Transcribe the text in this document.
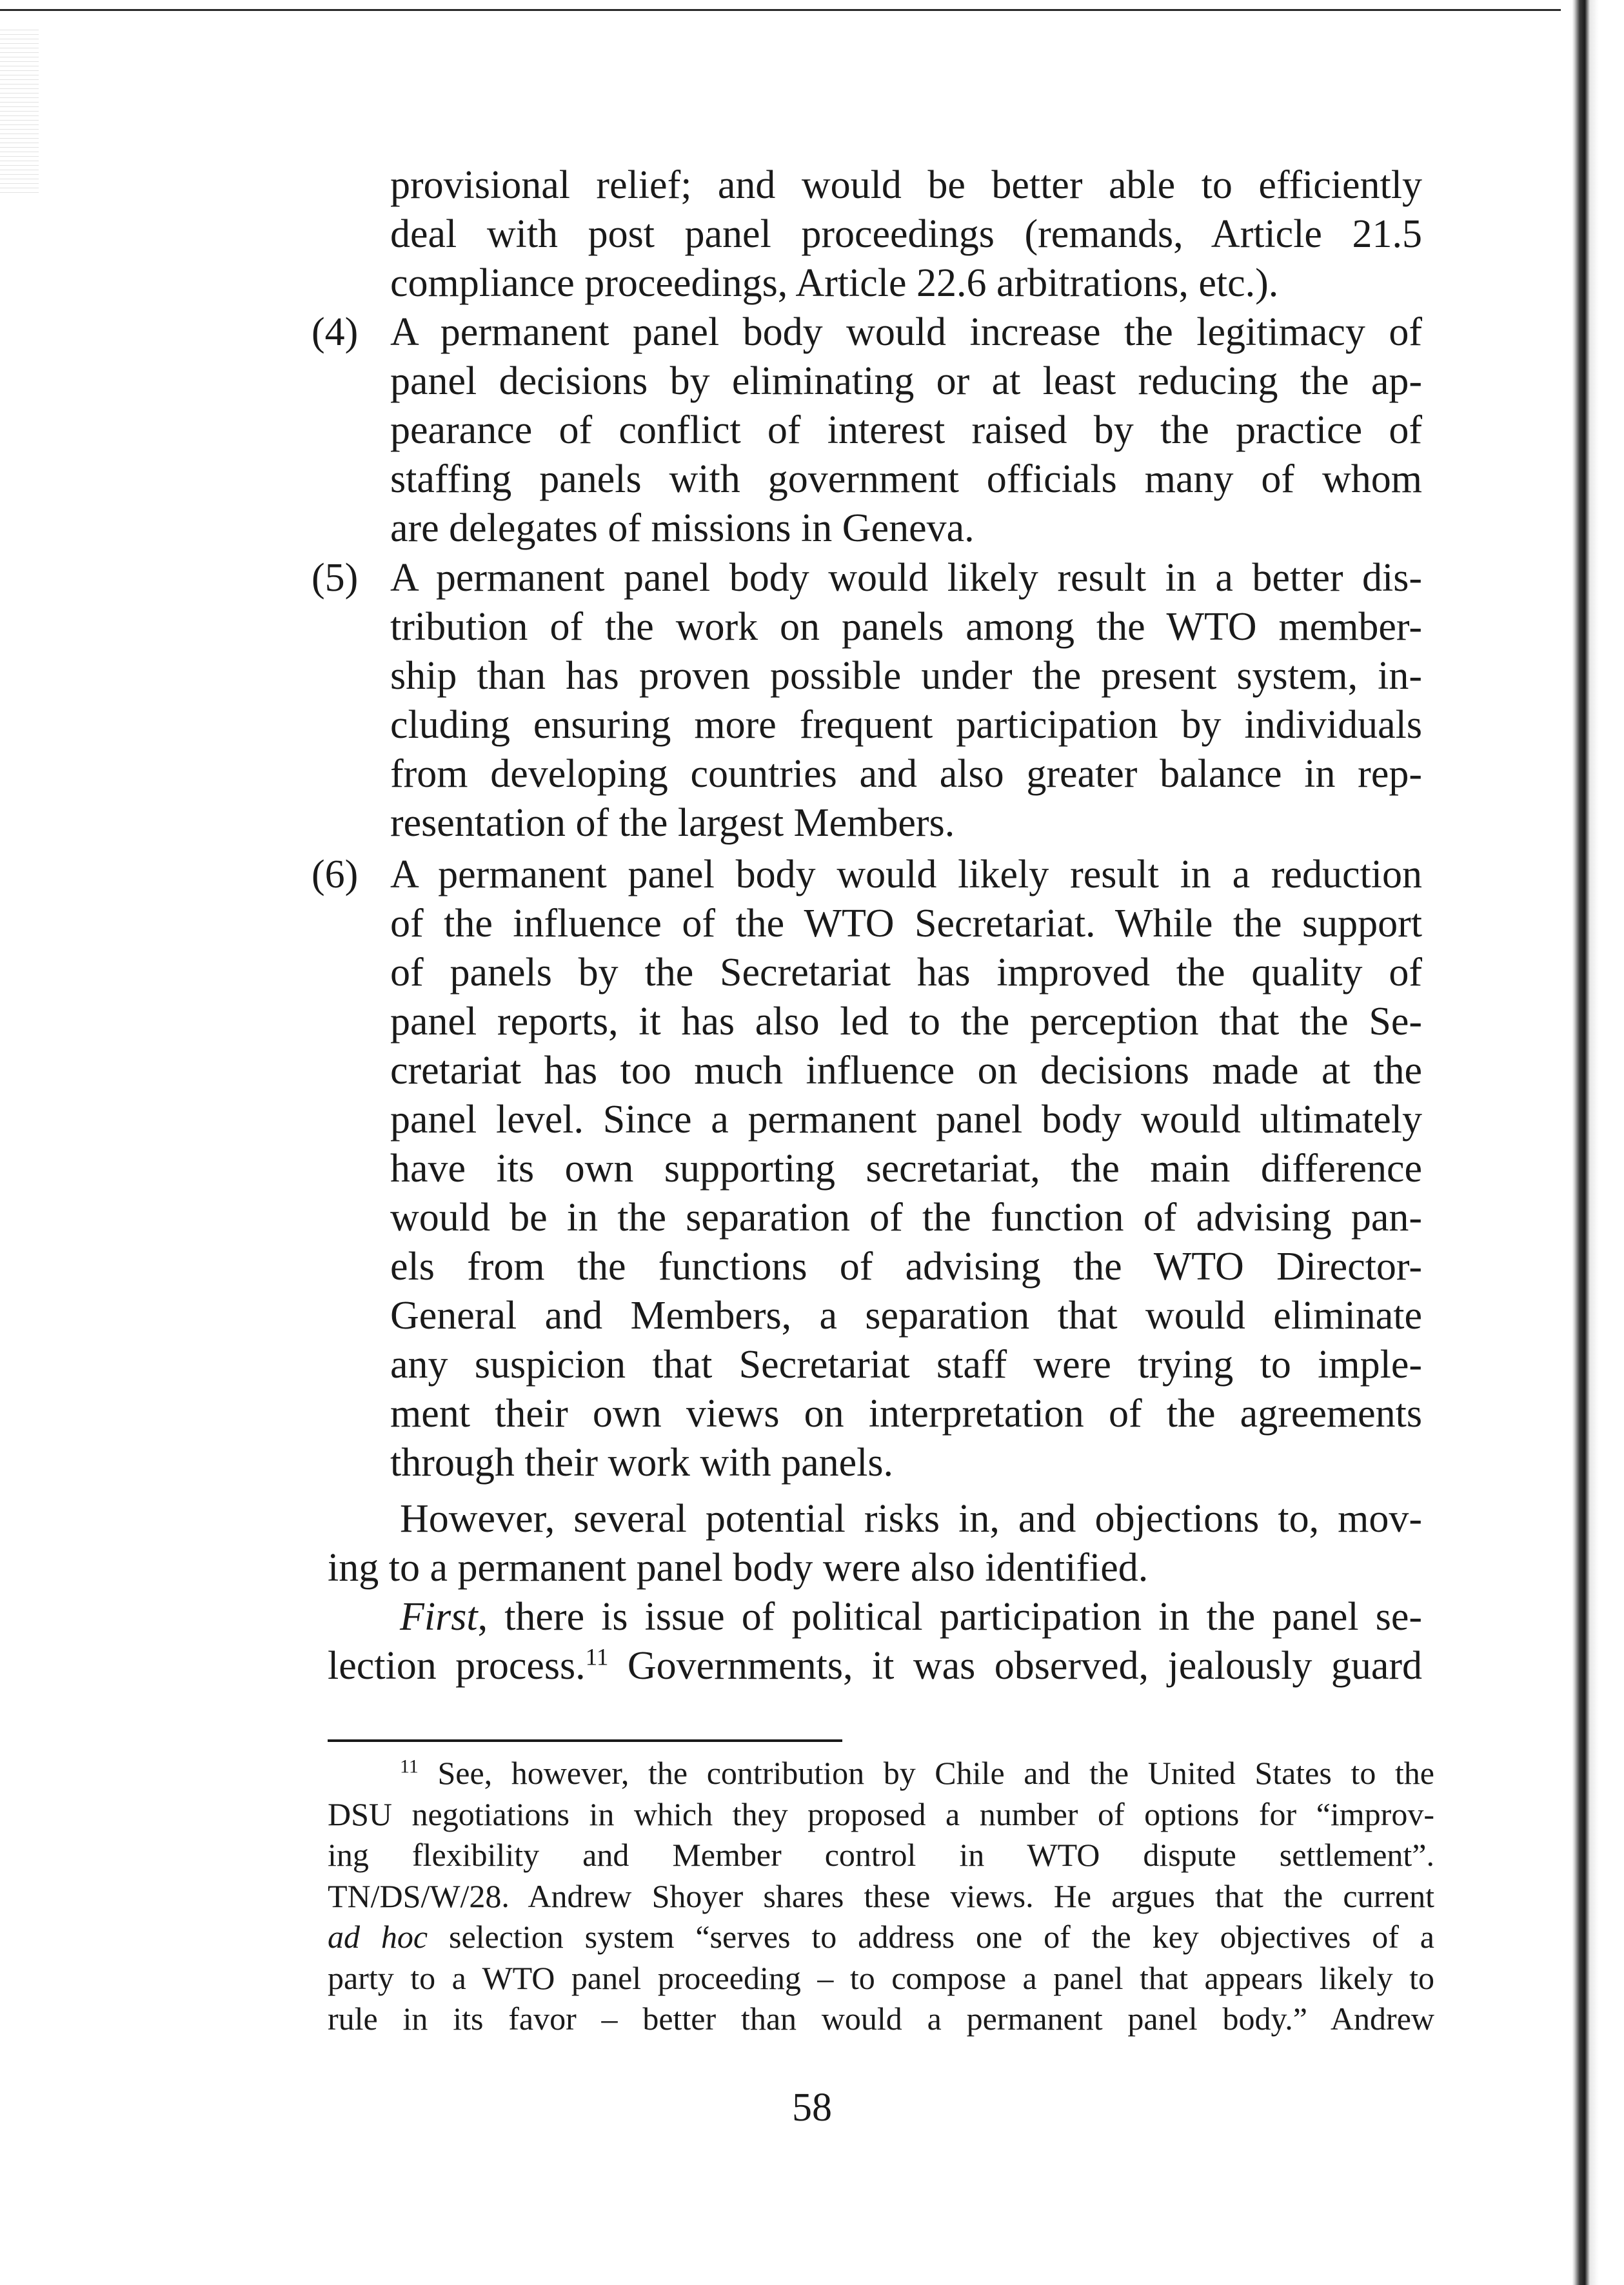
provisional relief; and would be better able to efficiently
deal with post panel proceedings (remands, Article 21.5
compliance proceedings, Article 22.6 arbitrations, etc.).
(4) A permanent panel body would increase the legitimacy of
panel decisions by eliminating or at least reducing the ap-
pearance of conflict of interest raised by the practice of
staffing panels with government officials many of whom
are delegates of missions in Geneva.
(5) A permanent panel body would likely result in a better dis-
tribution of the work on panels among the WTO member-
ship than has proven possible under the present system, in-
cluding ensuring more frequent participation by individuals
from developing countries and also greater balance in rep-
resentation of the largest Members.
(6) A permanent panel body would likely result in a reduction
of the influence of the WTO Secretariat. While the support
of panels by the Secretariat has improved the quality of
panel reports, it has also led to the perception that the Se-
cretariat has too much influence on decisions made at the
panel level. Since a permanent panel body would ultimately
have its own supporting secretariat, the main difference
would be in the separation of the function of advising pan-
els from the functions of advising the WTO Director-
General and Members, a separation that would eliminate
any suspicion that Secretariat staff were trying to imple-
ment their own views on interpretation of the agreements
through their work with panels.
However, several potential risks in, and objections to, mov-
ing to a permanent panel body were also identified.
First, there is issue of political participation in the panel se-
lection process.$^{11}$ Governments, it was observed, jealously guard
$^{11}$ See, however, the contribution by Chile and the United States to the
DSU negotiations in which they proposed a number of options for “improv-
ing flexibility and Member control in WTO dispute settlement”.
TN/DS/W/28. Andrew Shoyer shares these views. He argues that the current
ad hoc selection system “serves to address one of the key objectives of a
party to a WTO panel proceeding – to compose a panel that appears likely to
rule in its favor – better than would a permanent panel body.” Andrew
58
